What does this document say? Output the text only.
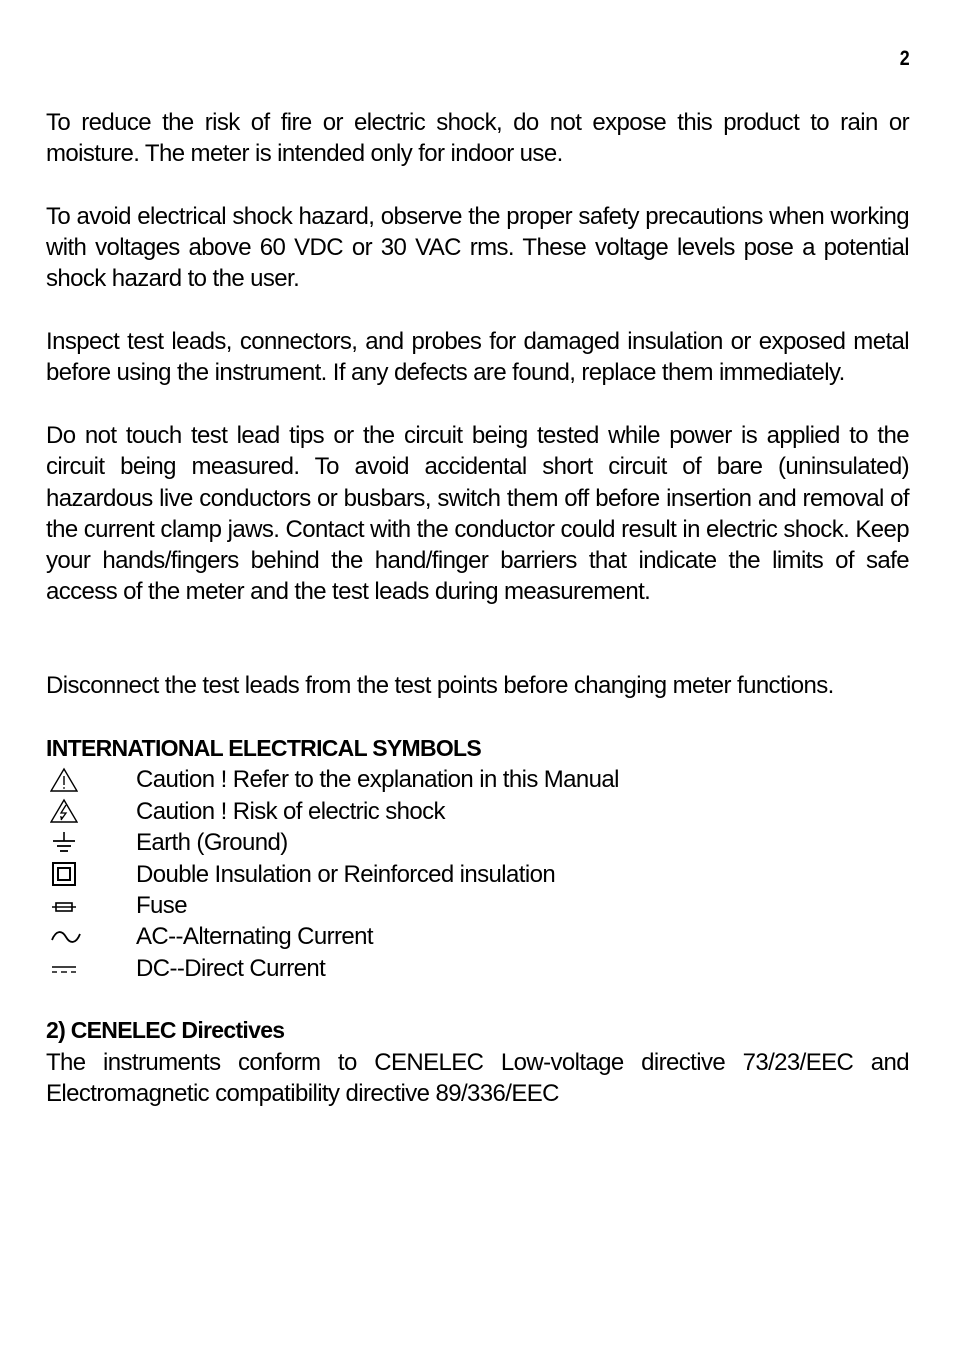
2

To reduce the risk of fire or electric shock, do not expose this product to rain or moisture. The meter is intended only for indoor use.

To avoid electrical shock hazard, observe the proper safety precautions when working with voltages above 60 VDC or 30 VAC rms. These voltage levels pose a potential shock hazard to the user.

Inspect test leads, connectors, and probes for damaged insulation or exposed metal before using the instrument. If any defects are found, replace them immediately.

Do not touch test lead tips or the circuit being tested while power is applied to the circuit being measured. To avoid accidental short circuit of bare (uninsulated) hazardous live conductors or busbars, switch them off before insertion and removal of the current clamp jaws. Contact with the conductor could result in electric shock. Keep your hands/fingers behind the hand/finger barriers that indicate the limits of safe access of the meter and the test leads during measurement.

Disconnect the test leads from the test points before changing meter functions.

INTERNATIONAL ELECTRICAL SYMBOLS
Caution ! Refer to the explanation in this Manual
Caution ! Risk of electric shock
Earth (Ground)
Double Insulation or Reinforced insulation
Fuse
AC--Alternating Current
DC--Direct Current
2) CENELEC Directives

The instruments conform to CENELEC Low-voltage directive 73/23/EEC and

Electromagnetic compatibility directive 89/336/EEC
